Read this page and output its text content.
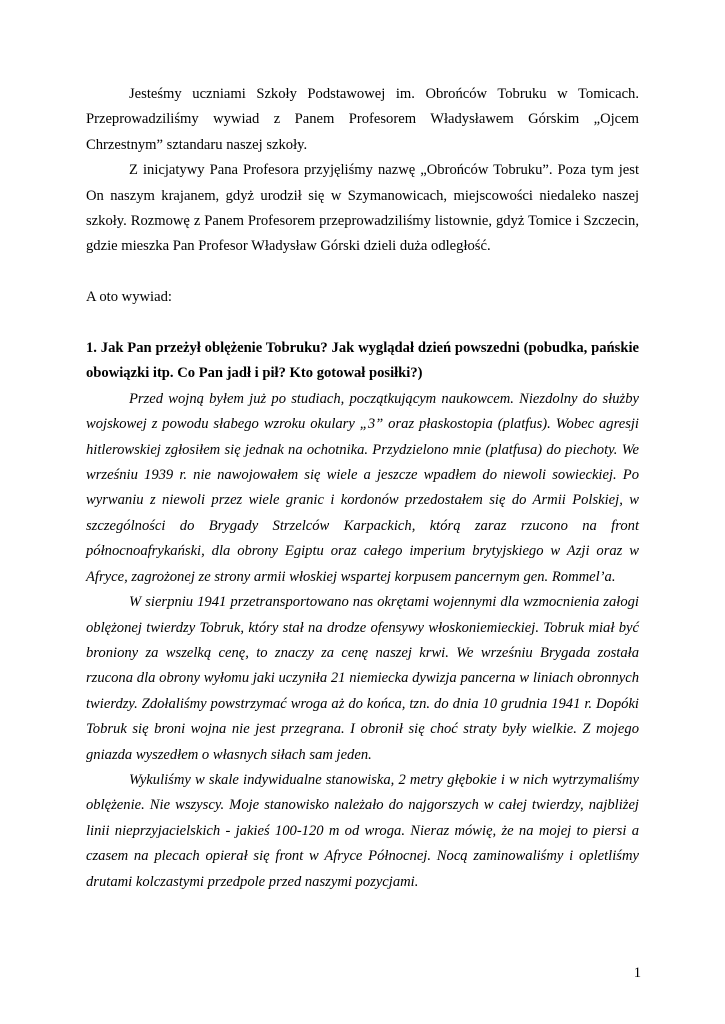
Jesteśmy uczniami Szkoły Podstawowej im. Obrońców Tobruku w Tomicach. Przeprowadziliśmy wywiad z Panem Profesorem Władysławem Górskim „Ojcem Chrzestnym” sztandaru naszej szkoły.

Z inicjatywy Pana Profesora przyjęliśmy nazwę „Obrońców Tobruku”. Poza tym jest On naszym krajanem, gdyż urodził się w Szymanowicach, miejscowości niedaleko naszej szkoły. Rozmowę z Panem Profesorem przeprowadziliśmy listownie, gdyż Tomice i Szczecin, gdzie mieszka Pan Profesor Władysław Górski dzieli duża odległość.

A oto wywiad:

1. Jak Pan przeżył oblężenie Tobruku? Jak wyglądał dzień powszedni (pobudka, pańskie obowiązki itp. Co Pan jadł i pił? Kto gotował posiłki?)

Przed wojną byłem już po studiach, początkującym naukowcem. Niezdolny do służby wojskowej z powodu słabego wzroku okulary „3” oraz płaskostopia (platfus). Wobec agresji hitlerowskiej zgłosiłem się jednak na ochotnika. Przydzielono mnie (platfusa) do piechoty. We wrześniu 1939 r. nie nawojowałem się wiele a jeszcze wpadłem do niewoli sowieckiej. Po wyrwaniu z niewoli przez wiele granic i kordonów przedostałem się do Armii Polskiej, w szczególności do Brygady Strzelców Karpackich, którą zaraz rzucono na front północnoafrykański, dla obrony Egiptu oraz całego imperium brytyjskiego w Azji oraz w Afryce, zagrożonej ze strony armii włoskiej wspartej korpusem pancernym gen. Rommel’a.

W sierpniu 1941 przetransportowano nas okrętami wojennymi dla wzmocnienia załogi oblężonej twierdzy Tobruk, który stał na drodze ofensywy włoskoniemieckiej. Tobruk miał być broniony za wszelką cenę, to znaczy za cenę naszej krwi. We wrześniu Brygada została rzucona dla obrony wyłomu jaki uczyniła 21 niemiecka dywizja pancerna w liniach obronnych twierdzy. Zdołaliśmy powstrzymać wroga aż do końca, tzn. do dnia 10 grudnia 1941 r. Dopóki Tobruk się broni wojna nie jest przegrana. I obronił się choć straty były wielkie. Z mojego gniazda wyszedłem o własnych siłach sam jeden.

Wykuliśmy w skale indywidualne stanowiska, 2 metry głębokie i w nich wytrzymaliśmy oblężenie. Nie wszyscy. Moje stanowisko należało do najgorszych w całej twierdzy, najbliżej linii nieprzyjacielskich - jakieś 100-120 m od wroga. Nieraz mówię, że na mojej to piersi a czasem na plecach opierał się front w Afryce Północnej. Nocą zaminowaliśmy i opletliśmy drutami kolczastymi przedpole przed naszymi pozycjami.

1
